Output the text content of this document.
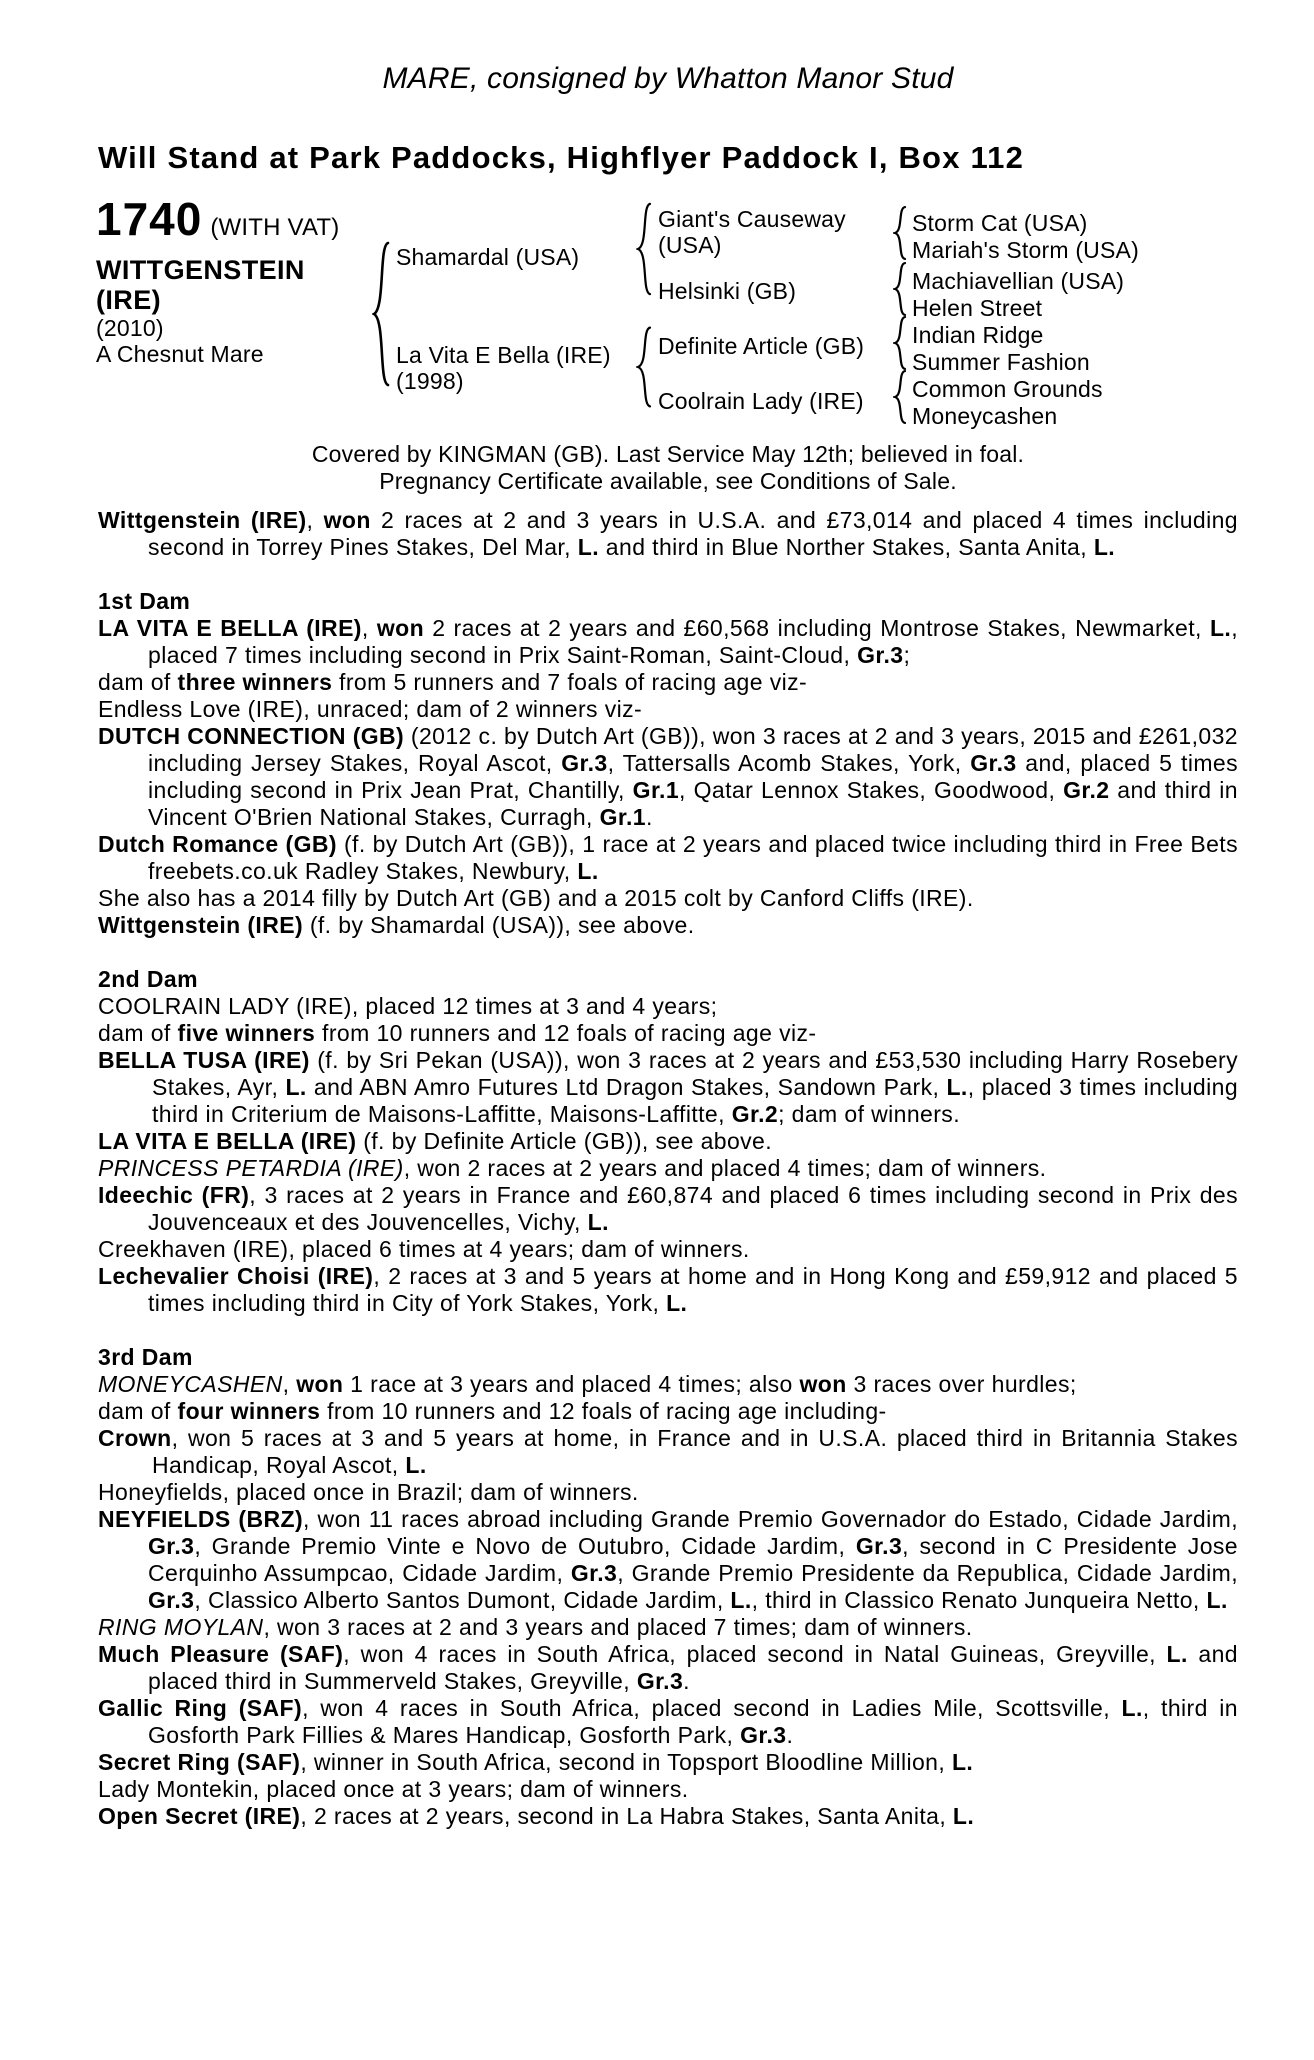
MARE, consigned by Whatton Manor Stud
Will Stand at Park Paddocks, Highflyer Paddock I, Box 112
1740 (WITH VAT)
WITTGENSTEIN
(IRE)
(2010)
A Chesnut Mare
Shamardal (USA)
La Vita E Bella (IRE)
(1998)
Giant's Causeway
(USA)
Helsinki (GB)
Definite Article (GB)
Coolrain Lady (IRE)
Storm Cat (USA)
Mariah's Storm (USA)
Machiavellian (USA)
Helen Street
Indian Ridge
Summer Fashion
Common Grounds
Moneycashen
Covered by KINGMAN (GB). Last Service May 12th; believed in foal.
Pregnancy Certificate available, see Conditions of Sale.

Wittgenstein (IRE), won 2 races at 2 and 3 years in U.S.A. and £73,014 and placed 4 times including second in Torrey Pines Stakes, Del Mar, L. and third in Blue Norther Stakes, Santa Anita, L.

1st Dam

LA VITA E BELLA (IRE), won 2 races at 2 years and £60,568 including Montrose Stakes, Newmarket, L., placed 7 times including second in Prix Saint-Roman, Saint-Cloud, Gr.3;

dam of three winners from 5 runners and 7 foals of racing age viz-

Endless Love (IRE), unraced; dam of 2 winners viz-

DUTCH CONNECTION (GB) (2012 c. by Dutch Art (GB)), won 3 races at 2 and 3 years, 2015 and £261,032 including Jersey Stakes, Royal Ascot, Gr.3, Tattersalls Acomb Stakes, York, Gr.3 and, placed 5 times including second in Prix Jean Prat, Chantilly, Gr.1, Qatar Lennox Stakes, Goodwood, Gr.2 and third in Vincent O'Brien National Stakes, Curragh, Gr.1.

Dutch Romance (GB) (f. by Dutch Art (GB)), 1 race at 2 years and placed twice including third in Free Bets freebets.co.uk Radley Stakes, Newbury, L.

She also has a 2014 filly by Dutch Art (GB) and a 2015 colt by Canford Cliffs (IRE).

Wittgenstein (IRE) (f. by Shamardal (USA)), see above.

2nd Dam

COOLRAIN LADY (IRE), placed 12 times at 3 and 4 years;

dam of five winners from 10 runners and 12 foals of racing age viz-

BELLA TUSA (IRE) (f. by Sri Pekan (USA)), won 3 races at 2 years and £53,530 including Harry Rosebery Stakes, Ayr, L. and ABN Amro Futures Ltd Dragon Stakes, Sandown Park, L., placed 3 times including third in Criterium de Maisons-Laffitte, Maisons-Laffitte, Gr.2; dam of winners.

LA VITA E BELLA (IRE) (f. by Definite Article (GB)), see above.

PRINCESS PETARDIA (IRE), won 2 races at 2 years and placed 4 times; dam of winners.

Ideechic (FR), 3 races at 2 years in France and £60,874 and placed 6 times including second in Prix des Jouvenceaux et des Jouvencelles, Vichy, L.

Creekhaven (IRE), placed 6 times at 4 years; dam of winners.

Lechevalier Choisi (IRE), 2 races at 3 and 5 years at home and in Hong Kong and £59,912 and placed 5 times including third in City of York Stakes, York, L.

3rd Dam

MONEYCASHEN, won 1 race at 3 years and placed 4 times; also won 3 races over hurdles;

dam of four winners from 10 runners and 12 foals of racing age including-

Crown, won 5 races at 3 and 5 years at home, in France and in U.S.A. placed third in Britannia Stakes Handicap, Royal Ascot, L.

Honeyfields, placed once in Brazil; dam of winners.

NEYFIELDS (BRZ), won 11 races abroad including Grande Premio Governador do Estado, Cidade Jardim, Gr.3, Grande Premio Vinte e Novo de Outubro, Cidade Jardim, Gr.3, second in C Presidente Jose Cerquinho Assumpcao, Cidade Jardim, Gr.3, Grande Premio Presidente da Republica, Cidade Jardim, Gr.3, Classico Alberto Santos Dumont, Cidade Jardim, L., third in Classico Renato Junqueira Netto, L.

RING MOYLAN, won 3 races at 2 and 3 years and placed 7 times; dam of winners.

Much Pleasure (SAF), won 4 races in South Africa, placed second in Natal Guineas, Greyville, L. and placed third in Summerveld Stakes, Greyville, Gr.3.

Gallic Ring (SAF), won 4 races in South Africa, placed second in Ladies Mile, Scottsville, L., third in Gosforth Park Fillies & Mares Handicap, Gosforth Park, Gr.3.

Secret Ring (SAF), winner in South Africa, second in Topsport Bloodline Million, L.

Lady Montekin, placed once at 3 years; dam of winners.

Open Secret (IRE), 2 races at 2 years, second in La Habra Stakes, Santa Anita, L.
